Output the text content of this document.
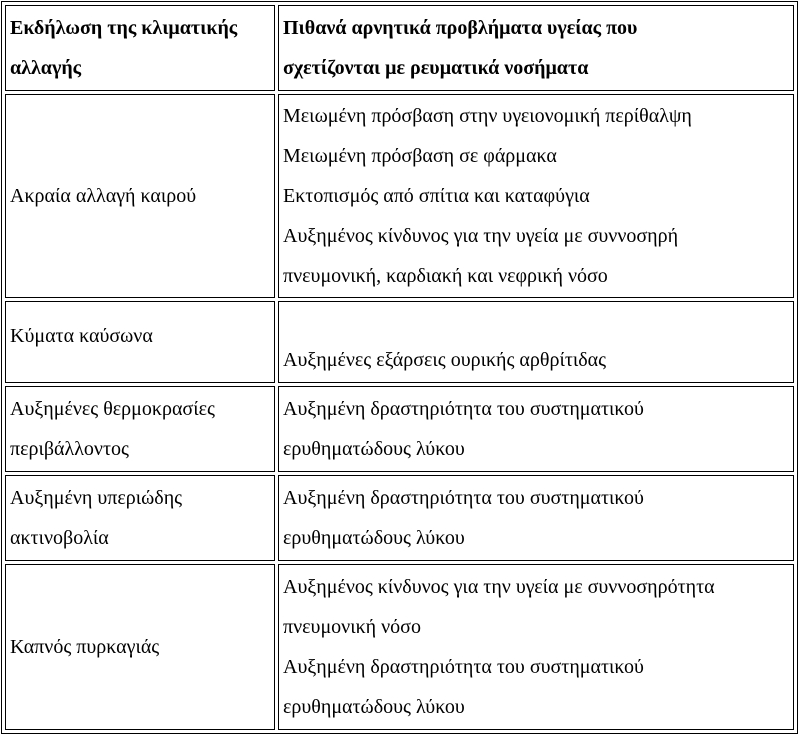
Εκδήλωση της κλιματικής
αλλαγής	Πιθανά αρνητικά προβλήματα υγείας που
σχετίζονται με ρευματικά νοσήματα

Ακραία αλλαγή καιρού	Μειωμένη πρόσβαση στην υγειονομική περίθαλψη
Μειωμένη πρόσβαση σε φάρμακα
Εκτοπισμός από σπίτια και καταφύγια
Αυξημένος κίνδυνος για την υγεία με συννοσηρή
πνευμονική, καρδιακή και νεφρική νόσο

Κύματα καύσωνα	Αυξημένες εξάρσεις ουρικής αρθρίτιδας

Αυξημένες θερμοκρασίες
περιβάλλοντος	Αυξημένη δραστηριότητα του συστηματικού
ερυθηματώδους λύκου

Αυξημένη υπεριώδης
ακτινοβολία	Αυξημένη δραστηριότητα του συστηματικού
ερυθηματώδους λύκου

Καπνός πυρκαγιάς	Αυξημένος κίνδυνος για την υγεία με συννοσηρότητα
πνευμονική νόσο
Αυξημένη δραστηριότητα του συστηματικού
ερυθηματώδους λύκου
